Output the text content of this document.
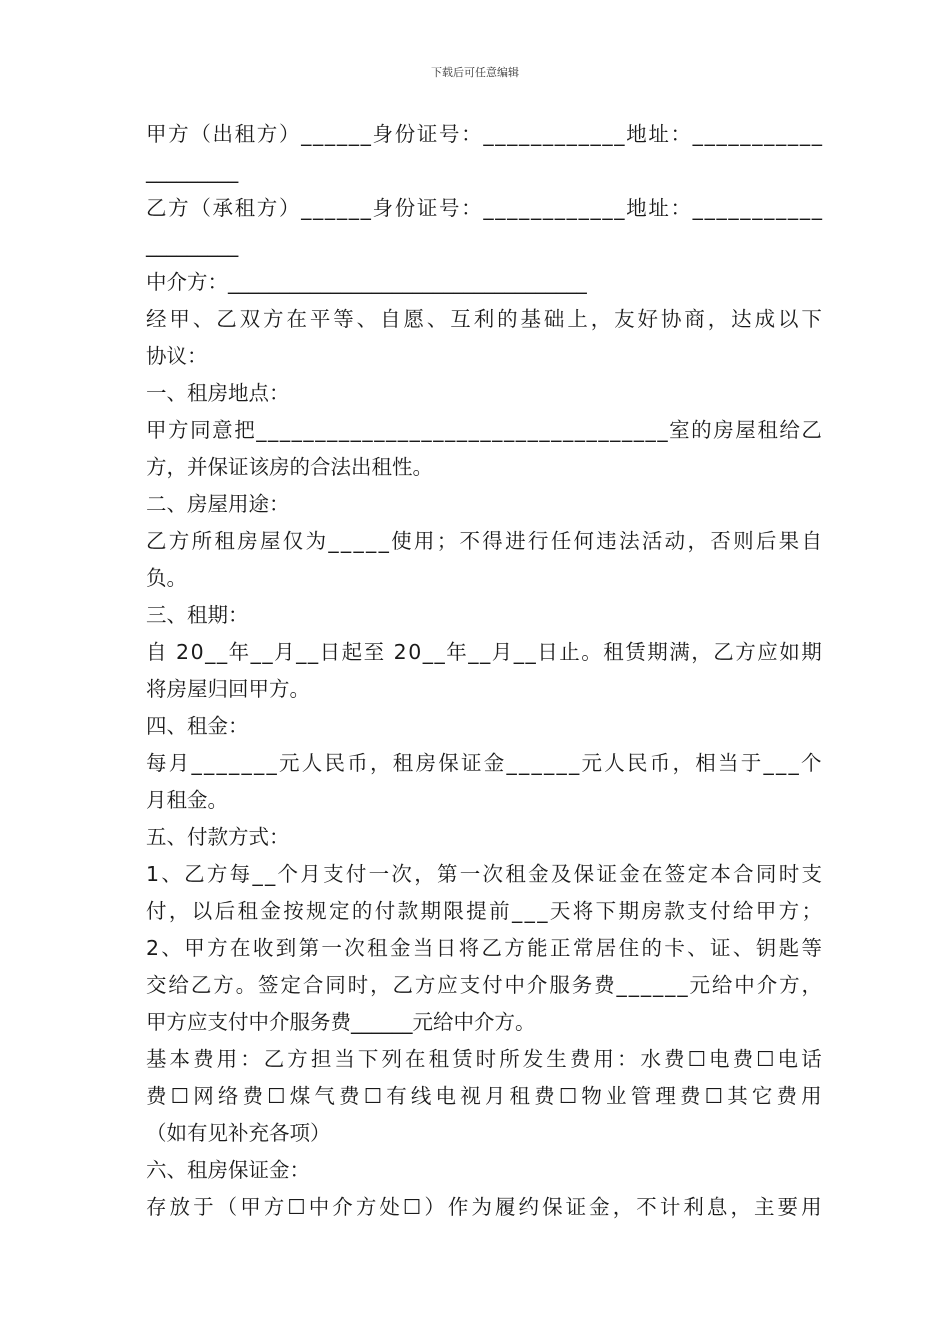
下载后可任意编辑
甲 方 （ 出 租 方 ） _ _ _ _ _ _ 身 份 证 号 ： _ _ _ _ _ _ _ _ _ _ _ _ 地 址 ： _ _ _ _ _ _ _ _ _ _ _
_________
乙 方 （ 承 租 方 ） _ _ _ _ _ _ 身 份 证 号 ： _ _ _ _ _ _ _ _ _ _ _ _ 地 址 ： _ _ _ _ _ _ _ _ _ _ _
_________
中介方：___________________________________
经 甲 、 乙 双 方 在 平 等 、 自 愿 、 互 利 的 基 础 上 ， 友 好 协 商 ， 达 成 以 下
协议：
一、租房地点：
甲 方 同 意 把 _ _ _ _ _ _ _ _ _ _ _ _ _ _ _ _ _ _ _ _ _ _ _ _ _ _ _ _ _ _ _ _ _ _ _ 室 的 房 屋 租 给 乙
方，并保证该房的合法出租性。
二、房屋用途：
乙 方 所 租 房 屋 仅 为 _ _ _ _ _ 使 用 ； 不 得 进 行 任 何 违 法 活 动 ， 否 则 后 果 自
负。
三、租期：
自
2 0 _ _ 年 _ _ 月 _ _ 日 起 至
2 0 _ _ 年 _ _ 月 _ _ 日 止 。 租 赁 期 满 ， 乙 方 应 如 期
将房屋归回甲方。
四、租金：
每 月 _ _ _ _ _ _ _ 元 人 民 币 ， 租 房 保 证 金 _ _ _ _ _ _ 元 人 民 币 ， 相 当 于 _ _ _ 个
月租金。
五、付款方式：
1 、 乙 方 每 _ _ 个 月 支 付 一 次 ， 第 一 次 租 金 及 保 证 金 在 签 定 本 合 同 时 支
付 ， 以 后 租 金 按 规 定 的 付 款 期 限 提 前 _ _ _ 天 将 下 期 房 款 支 付 给 甲 方 ；
2 、 甲 方 在 收 到 第 一 次 租 金 当 日 将 乙 方 能 正 常 居 住 的 卡 、 证 、 钥 匙 等
交 给 乙 方 。 签 定 合 同 时 ， 乙 方 应 支 付 中 介 服 务 费 _ _ _ _ _ _ 元 给 中 介 方 ，
甲方应支付中介服务费______元给中介方。
基 本 费 用 ： 乙 方 担 当 下 列 在 租 赁 时 所 发 生 费 用 ： 水 费 ☐ 电 费 ☐ 电 话
费 ☐ 网 络 费 ☐ 煤 气 费 ☐ 有 线 电 视 月 租 费 ☐ 物 业 管 理 费 ☐ 其 它 费 用
（如有见补充各项）
六、租房保证金：
存 放 于 （ 甲 方 ☐ 中 介 方 处 ☐ ） 作 为 履 约 保 证 金 ， 不 计 利 息 ， 主 要 用
